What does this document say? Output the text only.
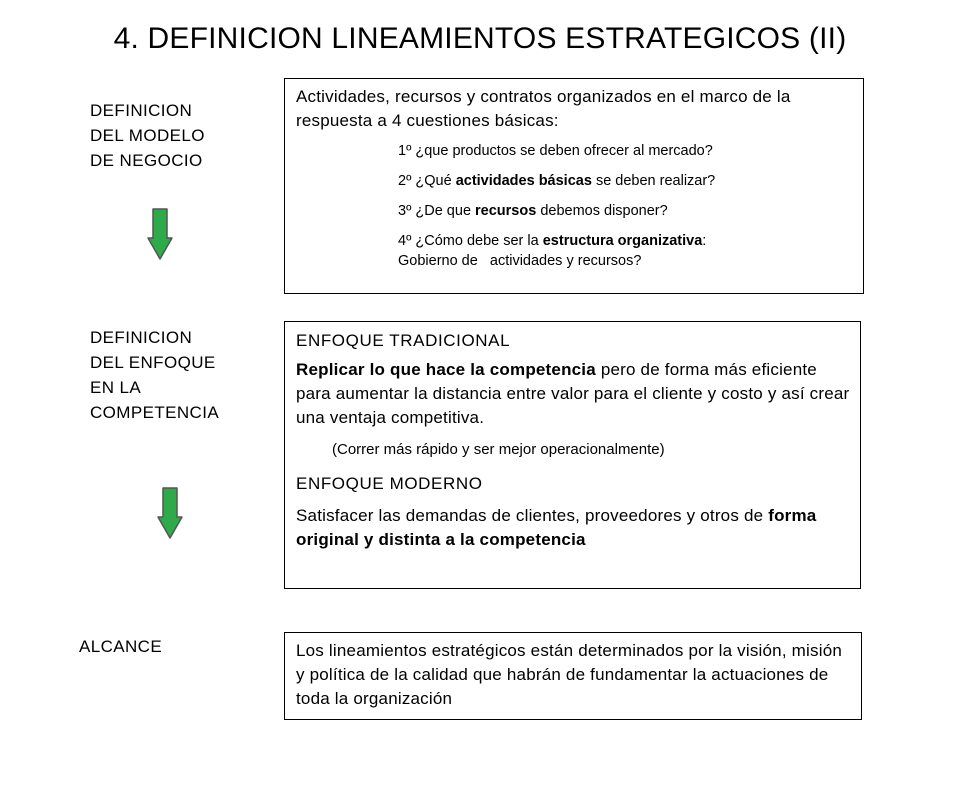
4. DEFINICION LINEAMIENTOS ESTRATEGICOS (II)
DEFINICION
DEL MODELO
DE NEGOCIO

Actividades, recursos y contratos organizados en el marco de la respuesta a 4 cuestiones básicas:

1º ¿que productos se deben ofrecer al mercado?

2º ¿Qué actividades básicas se deben realizar?

3º ¿De que recursos debemos disponer?

4º ¿Cómo debe ser la estructura organizativa:

Gobierno de   actividades y recursos?

DEFINICION
DEL ENFOQUE
EN LA
COMPETENCIA

ENFOQUE TRADICIONAL

Replicar lo que hace la competencia pero de forma más eficiente para aumentar la distancia entre valor para el cliente y costo y así crear una ventaja competitiva.

(Correr más rápido y ser mejor operacionalmente)

ENFOQUE MODERNO

Satisfacer las demandas de clientes, proveedores y otros de forma original y distinta a la competencia

ALCANCE	Los lineamientos estratégicos están determinados por la visión, misión y política de la calidad que habrán de fundamentar la actuaciones de toda la organización
